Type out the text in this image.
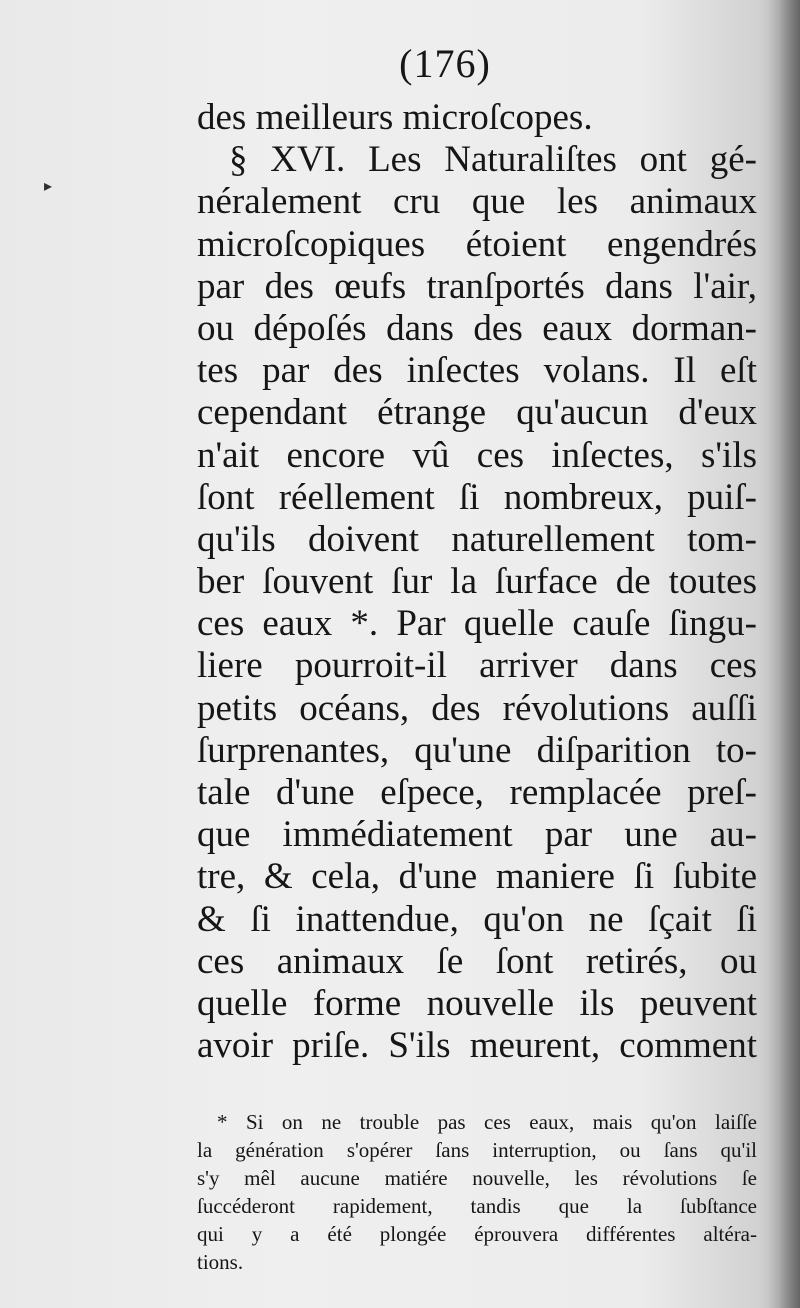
▸
(176)
des meilleurs microſcopes.
§ XVI. Les Naturaliſtes ont gé-
néralement cru que les animaux
microſcopiques étoient engendrés
par des œufs tranſportés dans l'air,
ou dépoſés dans des eaux dorman-
tes par des inſectes volans. Il eſt
cependant étrange qu'aucun d'eux
n'ait encore vû ces inſectes, s'ils
ſont réellement ſi nombreux, puiſ-
qu'ils doivent naturellement tom-
ber ſouvent ſur la ſurface de toutes
ces eaux *. Par quelle cauſe ſingu-
liere pourroit-il arriver dans ces
petits océans, des révolutions auſſi
ſurprenantes, qu'une diſparition to-
tale d'une eſpece, remplacée preſ-
que immédiatement par une au-
tre, & cela, d'une maniere ſi ſubite
& ſi inattendue, qu'on ne ſçait ſi
ces animaux ſe ſont retirés, ou
quelle forme nouvelle ils peuvent
avoir priſe. S'ils meurent, comment
* Si on ne trouble pas ces eaux, mais qu'on laiſſe
la génération s'opérer ſans interruption, ou ſans qu'il
s'y mêl aucune matiére nouvelle, les révolutions ſe
ſuccéderont rapidement, tandis que la ſubſtance
qui y a été plongée éprouvera différentes altéra-
tions.
